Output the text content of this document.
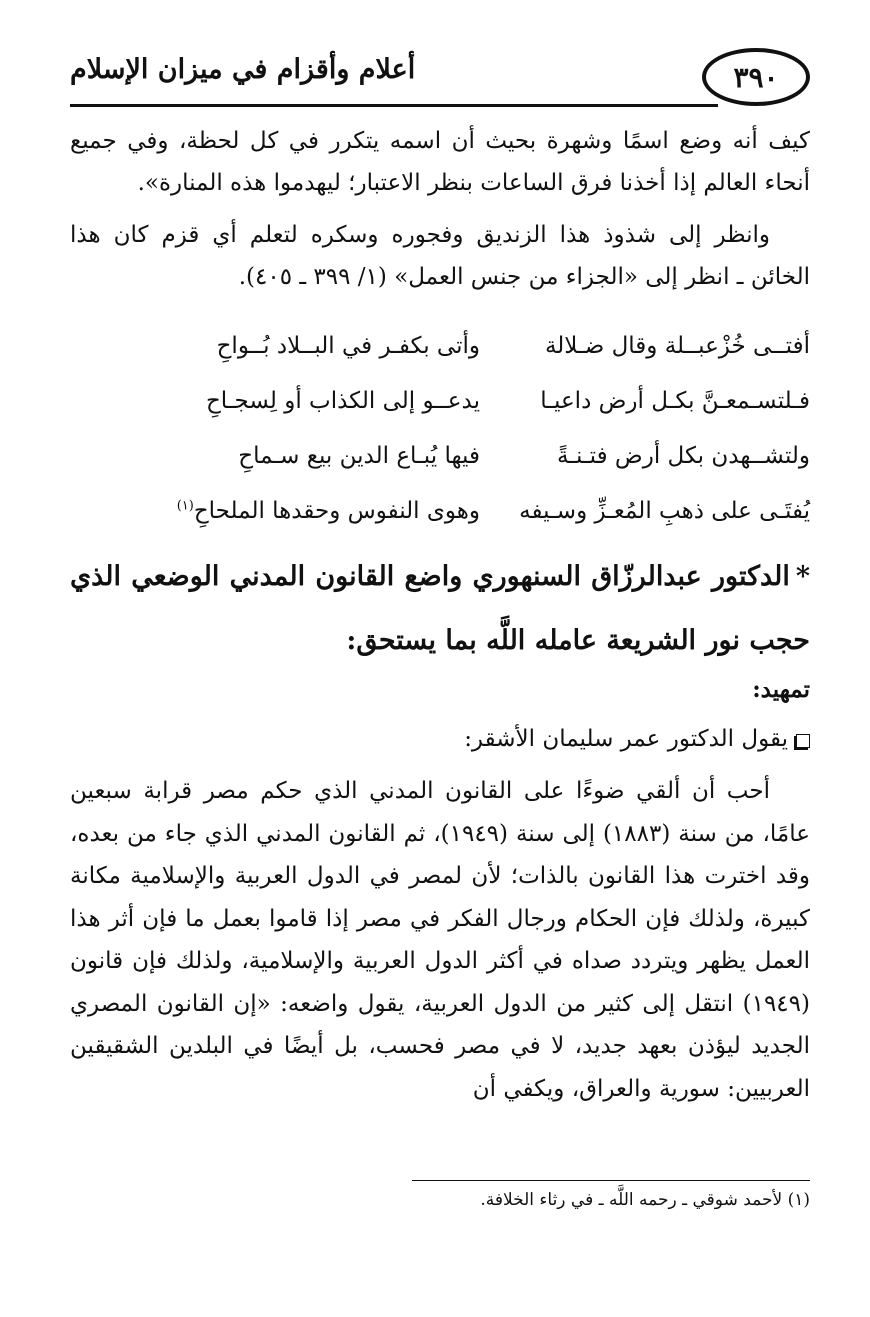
أعلام وأقزام في ميزان الإسلام	٣٩٠
كيف أنه وضع اسمًا وشهرة بحيث أن اسمه يتكرر في كل لحظة، وفي جميع أنحاء العالم إذا أخذنا فرق الساعات بنظر الاعتبار؛ ليهدموا هذه المنارة».
وانظر إلى شذوذ هذا الزنديق وفجوره وسكره لتعلم أي قزم كان هذا الخائن ـ انظر إلى «الجزاء من جنس العمل» (١/ ٣٩٩ ـ ٤٠٥).
أفتــى خُزْعبــلة وقال ضـلالة
وأتى بكفـر في البــلاد بُــواحِ
فـلتسـمعـنَّ بكـل أرض داعيـا
يدعــو إلى الكذاب أو لِسجـاحِ
ولتشــهدن بكل أرض فتـنـةً
فيها يُبـاع الدين بيع سـماحِ
يُفتَـى على ذهبِ المُعـزِّ وسـيفه
وهوى النفوس وحقدها الملحاحِ$^{(١)}$
*الدكتور عبدالرزّاق السنهوري واضع القانون المدني الوضعي الذي حجب نور الشريعة عامله اللَّه بما يستحق:
تمهيد:
يقول الدكتور عمر سليمان الأشقر:
أحب أن ألقي ضوءًا على القانون المدني الذي حكم مصر قرابة سبعين عامًا، من سنة (١٨٨٣) إلى سنة (١٩٤٩)، ثم القانون المدني الذي جاء من بعده، وقد اخترت هذا القانون بالذات؛ لأن لمصر في الدول العربية والإسلامية مكانة كبيرة، ولذلك فإن الحكام ورجال الفكر في مصر إذا قاموا بعمل ما فإن أثر هذا العمل يظهر ويتردد صداه في أكثر الدول العربية والإسلامية، ولذلك فإن قانون (١٩٤٩) انتقل إلى كثير من الدول العربية، يقول واضعه: «إن القانون المصري الجديد ليؤذن بعهد جديد، لا في مصر فحسب، بل أيضًا في البلدين الشقيقين العربيين: سورية والعراق، ويكفي أن
(١) لأحمد شوقي ـ رحمه اللَّه ـ في رثاء الخلافة.
